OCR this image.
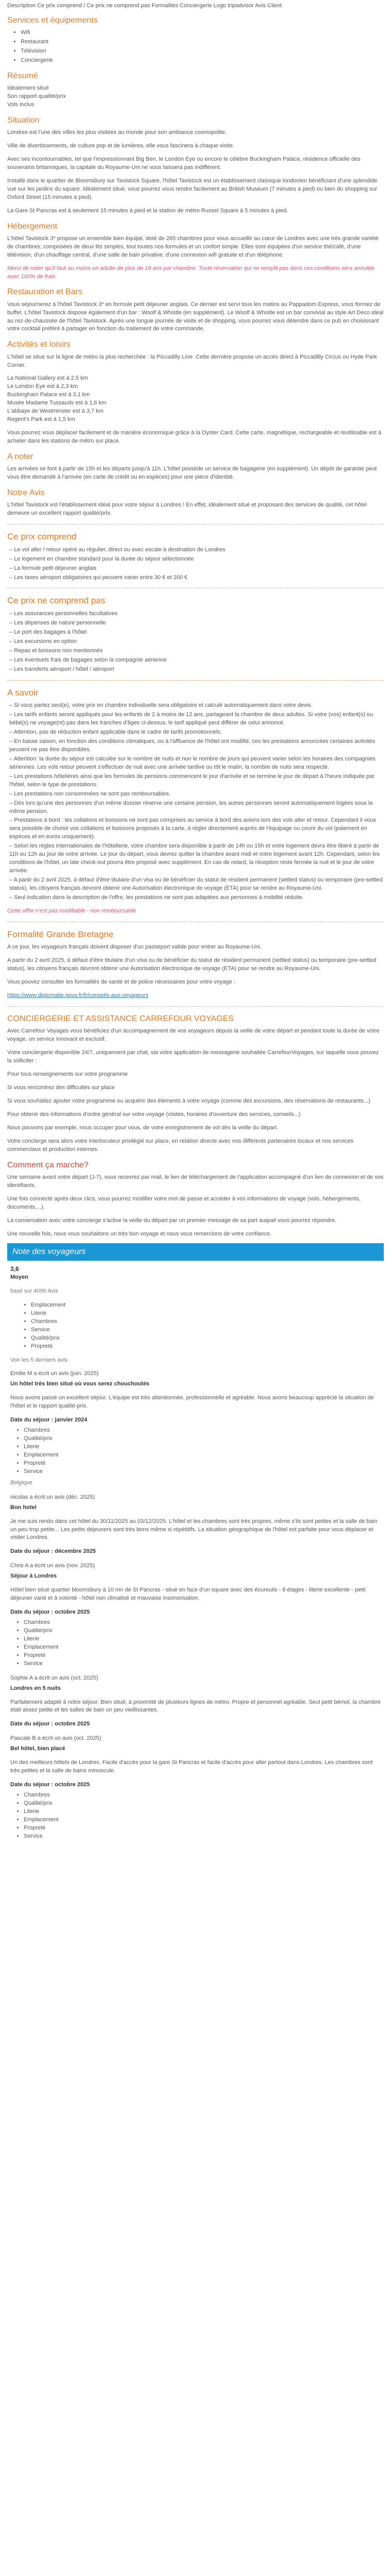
Description Ce prix comprend / Ce prix ne comprend pas Formalités Conciergerie Logo tripadvisor Avis Client

Services et équipements
• Wifi
• Restaurant
• Télévision
• Conciergerie
Résumé

Idéalement situé
Son rapport qualité/prix
Vols inclus

Situation

Londres est l'une des villes les plus visitées au monde pour son ambiance cosmopolite.

Ville de divertissements, de culture pop et de lumières, elle vous fascinera à chaque visite.

Avec ses incontournables, tel que l'impressionnant Big Ben, le London Eye ou encore le célèbre Buckingham Palace, résidence officielle des souverains britanniques, la capitale du Royaume-Uni ne vous laissera pas indifférent.

Installé dans le quartier de Bloomsbury sur Tavistock Square, l'hôtel Tavistock est un établissement classique londonien bénéficiant d'une splendide vue sur les jardins du square. Idéalement situé, vous pourrez vous rendre facilement au British Museum (7 minutes à pied) ou bien du shopping sur Oxford Street (15 minutes à pied).

La Gare St Pancras est à seulement 15 minutes à pied et la station de métro Russel Square à 5 minutes à pied.

Hébergement

L'hôtel Tavistock 3* propose un ensemble bien équipé, doté de 265 chambres pour vous accueillir au cœur de Londres avec une très grande variété de chambres, composées de deux lits simples, tout toutes nos formules et un confort simple. Elles sont équipées d'un service thé/café, d'une télévision, d'un chauffage central, d'une salle de bain privative, d'une connexion wifi gratuite et d'un téléphone.

Merci de noter qu'il faut au moins un adulte de plus de 18 ans par chambre. Toute réservation qui ne remplit pas dans ces conditions sera annulée avec 100% de frais

Restauration et Bars

Vous séjournerez à l'hôtel Tavistock 3* en formule petit déjeuner anglais. Ce dernier est servi tous les matins au Pappadom Express, vous formez de buffet. L'hôtel Tavistock dispose également d'un bar : Woolf & Whistle (en supplément). Le Woolf & Whistle est un bar convivial au style Art Déco idéal au rez-de-chaussée de l'hôtel Tavistock. Après une longue journée de visite et de shopping, vous pourrez vous détendre dans ce pub en choisissant votre cocktail préféré à partager en fonction du traitement de votre commande.

Activités et loisirs

L'hôtel se situe sur la ligne de métro la plus recherchée : la Piccadilly Line. Cette dernière propose un accès direct à Piccadilly Circus ou Hyde Park Corner.

La National Gallery est à 2,5 km
Le London Eye est à 2,3 km
Buckingham Palace est à 3,1 km
Musée Madame Tussauds est à 1,6 km
L'abbaye de Westminster est à 3,7 km
Regent's Park est à 1,5 km

Vous pourrez vous déplacer facilement et de manière économique grâce à la Oyster Card. Cette carte, magnétique, rechargeable et réutilisable est à acheter dans les stations de métro sur place.

A noter

Les arrivées se font à partir de 15h et les départs jusqu'à 11h. L'hôtel possède un service de bagagerie (en supplément). Un dépôt de garantie peut vous être demandé à l'arrivée (en carte de crédit ou en espèces) pour une pièce d'identité.

Notre Avis

L'hôtel Tavistock est l'établissement idéal pour votre séjour à Londres ! En effet, idéalement situé et proposant des services de qualité, cet hôtel demeure un excellent rapport qualité/prix.

Ce prix comprend
– Le vol aller / retour opéré au régulier, direct ou avec escale à destination de Londres
– Le logement en chambre standard pour la durée du séjour sélectionnée
– La formule petit déjeuner anglais
– Les taxes aéroport obligatoires qui peuvent varier entre 30 € et 200 €
Ce prix ne comprend pas
– Les assurances personnelles facultatives
– Les dépenses de nature personnelle
– Le port des bagages à l'hôtel
– Les excursions en option
– Repas et boissons non mentionnés
– Les éventuels frais de bagages selon la compagnie aérienne
– Les transferts aéroport / hôtel / aéroport
A savoir
– Si vous partez seul(e), votre prix en chambre individuelle sera obligatoire et calculé automatiquement dans votre devis.
– Les tarifs enfants seront appliqués pour les enfants de 2 à moins de 12 ans, partageant la chambre de deux adultes. Si votre (vos) enfant(s) ou bébé(s) ne voyage(nt) pas dans les tranches d'âges ci-dessus, le tarif appliqué peut différer de celui annoncé.
– Attention, pas de réduction enfant applicable dans le cadre de tarifs promotionnels.
– En basse saison, en fonction des conditions climatiques, ou à l'affluence de l'hôtel ont modifié, ces les prestations annoncées certaines activités peuvent ne pas être disponibles.
– Attention: la durée du séjour est calculée sur le nombre de nuits et non le nombre de jours qui peuvent varier selon les horaires des compagnies aériennes. Les vols retour peuvent s'effectuer de nuit avec une arrivée tardive ou tôt le matin, la nombre de nuits sera respecté.
– Les prestations hôtelières ainsi que les formules de pensions commencent le jour d'arrivée et se termine le jour de départ à l'heure indiquée par l'hôtel, selon le type de prestations.
– Les prestations non consommées ne sont pas remboursables.
– Dès lors qu'une des personnes d'un même dossier réserve une certaine pension, les autres personnes seront automatiquement logées sous la même pension.
– Prestations à bord : les collations et boissons ne sont pas comprises au service à bord des avions lors des vols aller et retour. Cependant il vous sera possible de choisir vos collations et boissons proposés à la carte, à régler directement auprès de l'équipage ou courir du vol (paiement en espèces et en euros uniquement).
– Selon les règles internationales de l'hôtellerie, votre chambre sera disponible à partir de 14h ou 15h et votre logement devra être libéré à partir de 11h ou 12h au jour de votre arrivée. Le jour du départ, vous devrez quitter la chambre avant midi et votre logement avant 12h. Cependant, selon les conditions de l'hôtel, un late check-out pourra être proposé avec supplément. En cas de retard, la réception reste fermée la nuit et le jour de votre arrivée.
– A partir du 2 avril 2025, à défaut d'être titulaire d'un visa ou de bénéficier du statut de résident permanent (settled status) ou temporaire (pre-settled status), les citoyens français devront obtenir une Autorisation électronique de voyage (ETA) pour se rendre au Royaume-Uni.
– Seul indication dans la description de l'offre, les prestations ne sont pas adaptées aux personnes à mobilité réduite.

Cette offre n'est pas modifiable - non remboursable

Formalité Grande Bretagne

A ce jour, les voyageurs français doivent disposer d'un passeport valide pour entrer au Royaume-Uni.

A partir du 2 avril 2025, à défaut d'être titulaire d'un visa ou de bénéficier du statut de résident permanent (settled status) ou temporaire (pre-settled status), les citoyens français devront obtenir une Autorisation électronique de voyage (ETA) pour se rendre au Royaume-Uni.

Vous pouvez consulter les formalités de santé et de police nécessaires pour votre voyage :

https://www.diplomatie.gouv.fr/fr/conseils-aux-voyageurs

CONCIERGERIE ET ASSISTANCE CARREFOUR VOYAGES

Avec Carrefour Voyages vous bénéficiez d'un accompagnement de vos voyageurs depuis la veille de votre départ et pendant toute la durée de votre voyage, un service innovant et exclusif.

Votre conciergerie disponible 24/7, uniquement par chat, via votre application de messagerie souhaitée CarrefourVoyages, sur laquelle vous pouvez la solliciter :

Pour tous renseignements sur votre programme

Si vous rencontrez des difficultés sur place

Si vous souhaitez ajouter votre programme ou acquérir des éléments à votre voyage (comme des excursions, des réservations de restaurants...)

Pour obtenir des informations d'ordre général sur votre voyage (visites, horaires d'ouverture des services, conseils...)

Nous pouvons par exemple, nous occuper pour vous, de votre enregistrement de vol dès la veille du départ.

Votre concierge sera alors votre interlocuteur privilégié sur place, en relation directe avec nos différents partenaires locaux et nos services commerciaux et production internes.

Comment ça marche?

Une semaine avant votre départ (J-7), vous recevrez par mail, le lien de téléchargement de l'application accompagné d'un lien de connexion et de vos identifiants.

Une fois connecté après deux clics, vous pourrez modifier votre mot de passe et accéder à vos informations de voyage (vols, hébergements, documents,...).

La conversation avec votre concierge s'active la veille du départ par un premier message de sa part auquel vous pourrez répondre.

Une nouvelle fois, nous vous souhaitons un très bon voyage et nous vous remercions de votre confiance.

Note des voyageurs
3,6
Moyen

basé sur 4090 Avis

• Emplacement
• Literie
• Chambres
• Service
• Qualité/prix
• Propreté

Voir les 5 derniers avis

Emilie M a écrit un avis (juin. 2025)
Un hôtel très bien situé où vous serez chouchoutés

Nous avons passé un excellent séjour. L'équipe est très attentionnée, professionnelle et agréable. Nous avons beaucoup apprécié la situation de l'hôtel et le rapport qualité-prix.

Date du séjour : janvier 2024
• Chambres
• Qualité/prix
• Literie
• Emplacement
• Propreté
• Service
Belgique
nicolas a écrit un avis (déc. 2025)
Bon hotel

Je me suis rendu dans cet hôtel du 30/11/2025 au 03/12/2025. L'hôtel et les chambres sont très propres, même s'ils sont petites et la salle de bain un peu trop petite... Les petits déjeuners sont très bons même si répétitifs. La situation géographique de l'hôtel est parfaite pour vous déplacer et visiter Londres.

Date du séjour : décembre 2025
Chris A a écrit un avis (nov. 2025)
Séjour à Londres

Hôtel bien situé quartier bloomsbury à 10 mn de St Pancras - situé en face d'un square avec des écureuils - 8 étages - literie excellente - petit déjeuner varié et à volonté - hôtel non climatisé et mauvaise insonorisation.

Date du séjour : octobre 2025
• Chambres
• Qualité/prix
• Literie
• Emplacement
• Propreté
• Service
Sophie A a écrit un avis (oct. 2025)
Londres en 5 nuits

Parfaitement adapté à notre séjour. Bien situé, à proximité de plusieurs lignes de métro. Propre et personnel agréable. Seul petit bémol, la chambre était assez petite et les salles de bain un peu vieillissantes.

Date du séjour : octobre 2025
Pascale B a écrit un avis (oct. 2025)
Bel hôtel, bien placé

Un des meilleurs hôtels de Londres. Facile d'accès pour la gare St Pancras et facile d'accès pour aller partout dans Londres. Les chambres sont très petites et la salle de bains minuscule.

Date du séjour : octobre 2025
• Chambres
• Qualité/prix
• Literie
• Emplacement
• Propreté
• Service
